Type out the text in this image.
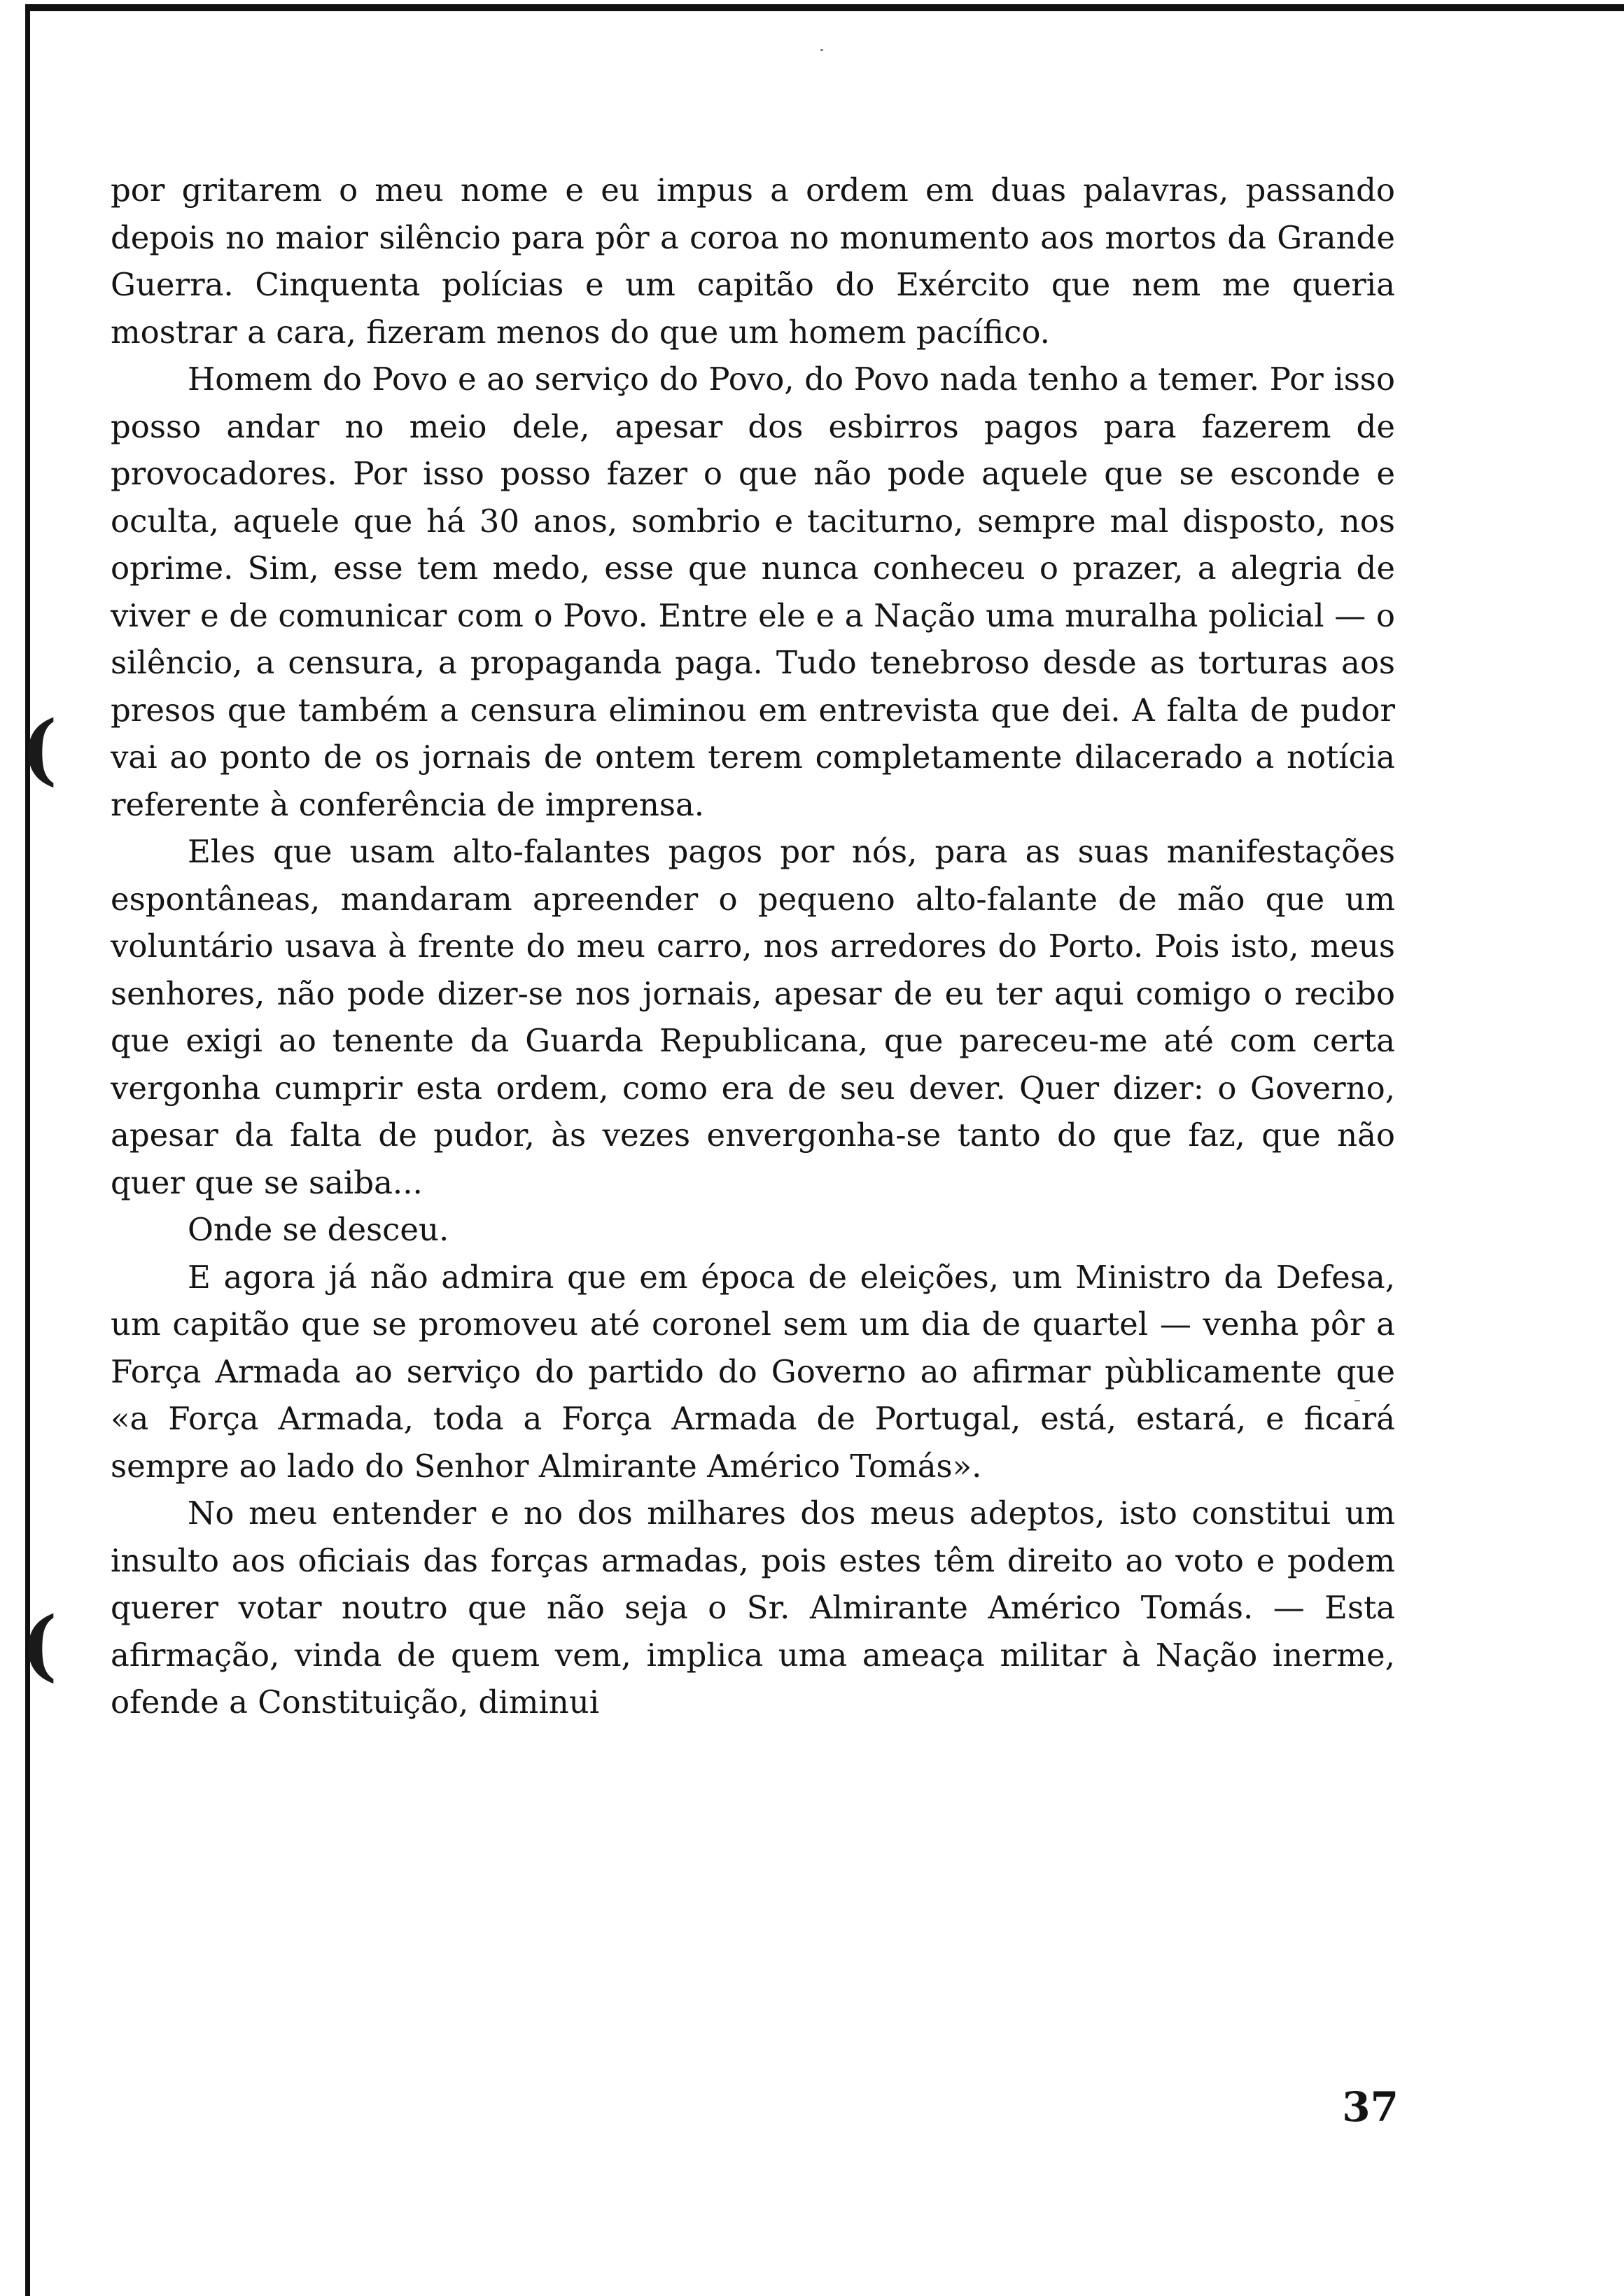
(
(

por gritarem o meu nome e eu impus a ordem em duas palavras, passando depois no maior silêncio para pôr a coroa no monumento aos mortos da Grande Guerra. Cinquenta polícias e um capitão do Exército que nem me queria mostrar a cara, fizeram menos do que um homem pacífico.

Homem do Povo e ao serviço do Povo, do Povo nada tenho a temer. Por isso posso andar no meio dele, apesar dos esbirros pagos para fazerem de provocadores. Por isso posso fazer o que não pode aquele que se esconde e oculta, aquele que há 30 anos, sombrio e taciturno, sempre mal disposto, nos oprime. Sim, esse tem medo, esse que nunca conheceu o prazer, a alegria de viver e de comunicar com o Povo. Entre ele e a Nação uma muralha policial — o silêncio, a censura, a propaganda paga. Tudo tenebroso desde as torturas aos presos que também a censura eliminou em entrevista que dei. A falta de pudor vai ao ponto de os jornais de ontem terem completamente dilacerado a notícia referente à conferência de imprensa.

Eles que usam alto-falantes pagos por nós, para as suas manifestações espontâneas, mandaram apreender o pequeno alto-falante de mão que um voluntário usava à frente do meu carro, nos arredores do Porto. Pois isto, meus senhores, não pode dizer-se nos jornais, apesar de eu ter aqui comigo o recibo que exigi ao tenente da Guarda Republicana, que pareceu-me até com certa vergonha cumprir esta ordem, como era de seu dever. Quer dizer: o Governo, apesar da falta de pudor, às vezes envergonha-se tanto do que faz, que não quer que se saiba...

Onde se desceu.

E agora já não admira que em época de eleições, um Ministro da Defesa, um capitão que se promoveu até coronel sem um dia de quartel — venha pôr a Força Armada ao serviço do partido do Governo ao afirmar pùblicamente que «a Força Armada, toda a Força Armada de Portugal, está, estará, e ficará sempre ao lado do Senhor Almirante Américo Tomás».

No meu entender e no dos milhares dos meus adeptos, isto constitui um insulto aos oficiais das forças armadas, pois estes têm direito ao voto e podem querer votar noutro que não seja o Sr. Almirante Américo Tomás. — Esta afirmação, vinda de quem vem, implica uma ameaça militar à Nação inerme, ofende a Constituição, diminui

37
